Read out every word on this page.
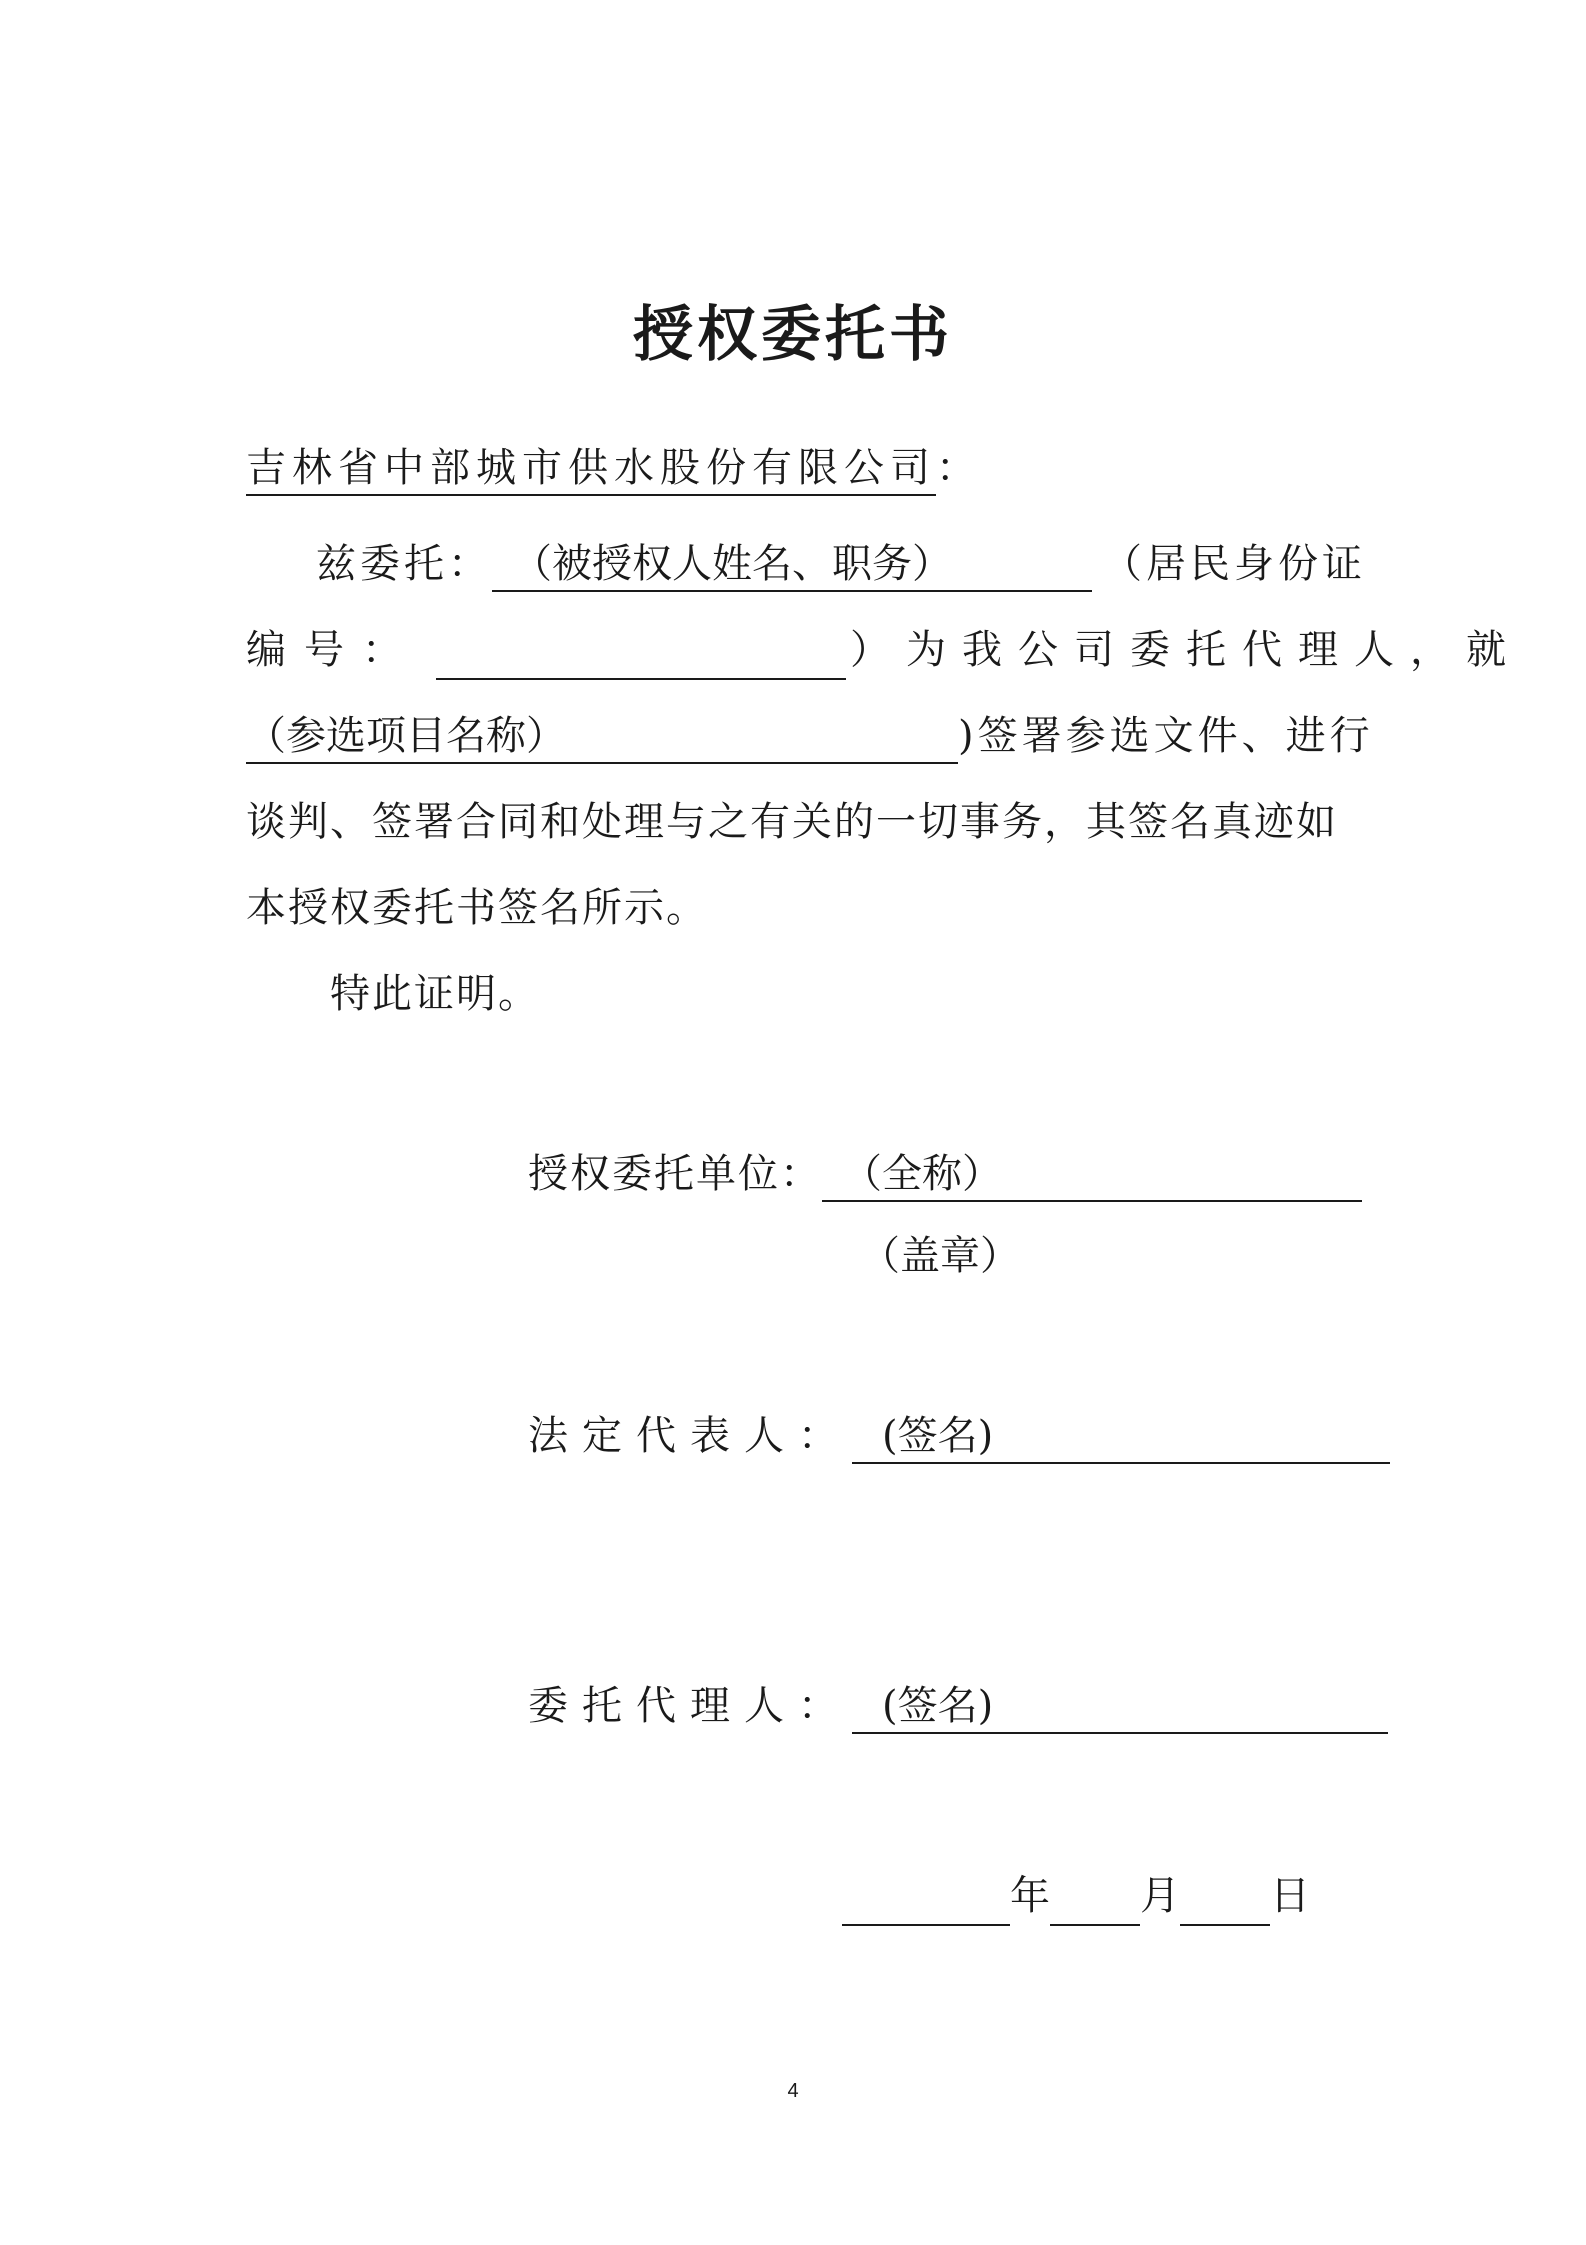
授权委托书
吉林省中部城市供水股份有限公司：
兹委托： （被授权人姓名、职务）	（居民身份证
编号：	）为我公司委托代理人，就
（参选项目名称）	)签署参选文件、进行
谈判、签署合同和处理与之有关的一切事务，其签名真迹如
本授权委托书签名所示。
特此证明。
授权委托单位： （全称）
（盖章）
法定代表人： (签名)
委托代理人： (签名)
年 月 日
4
